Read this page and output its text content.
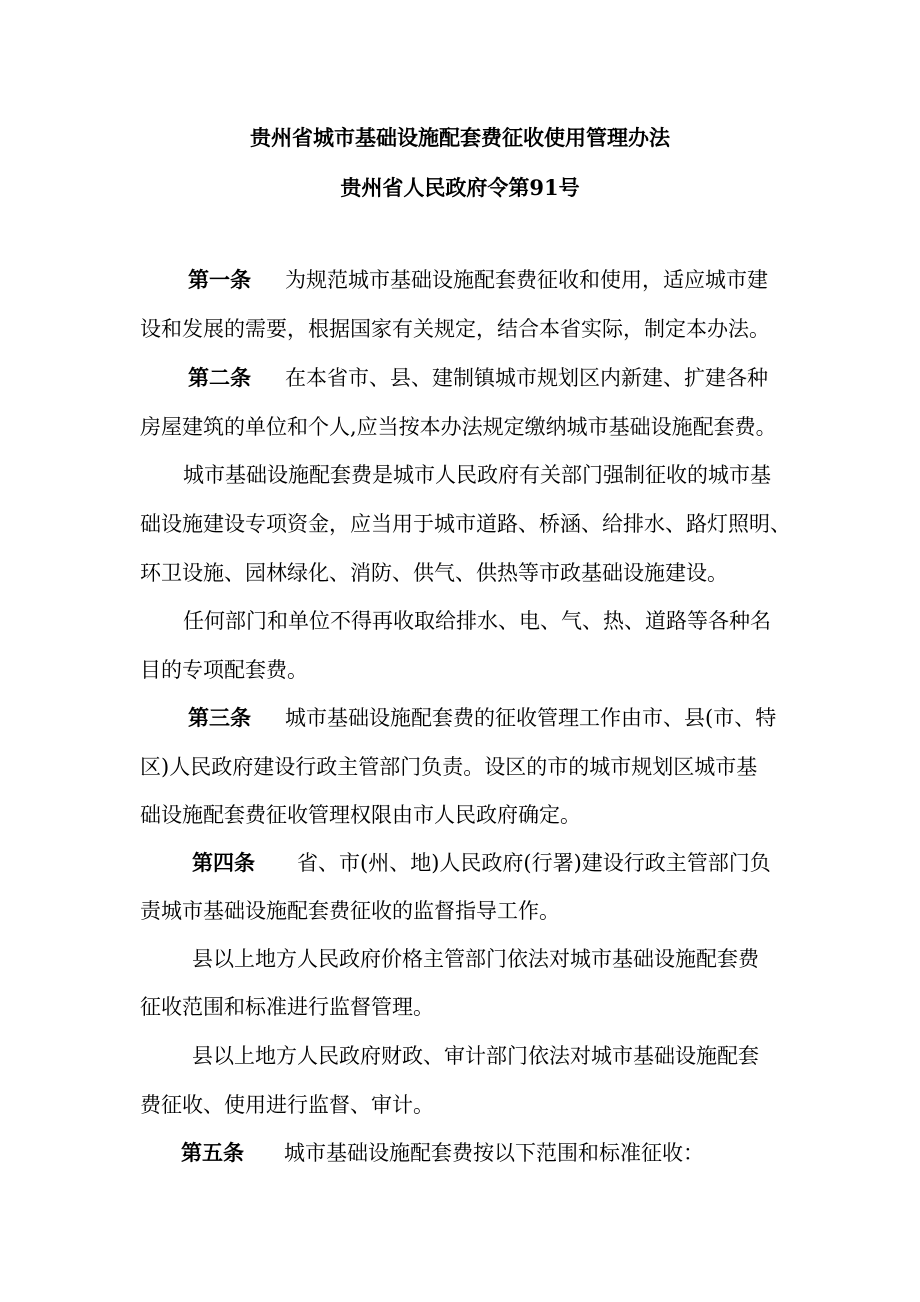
贵州省城市基础设施配套费征收使用管理办法
贵州省人民政府令第91号
第一条 为规范城市基础设施配套费征收和使用，适应城市建
设和发展的需要，根据国家有关规定，结合本省实际，制定本办法。
第二条 在本省市、县、建制镇城市规划区内新建、扩建各种
房屋建筑的单位和个人,应当按本办法规定缴纳城市基础设施配套费。
城市基础设施配套费是城市人民政府有关部门强制征收的城市基
础设施建设专项资金，应当用于城市道路、桥涵、给排水、路灯照明、
环卫设施、园林绿化、消防、供气、供热等市政基础设施建设。
任何部门和单位不得再收取给排水、电、气、热、道路等各种名
目的专项配套费。
第三条 城市基础设施配套费的征收管理工作由市、县(市、特
区)人民政府建设行政主管部门负责。设区的市的城市规划区城市基
础设施配套费征收管理权限由市人民政府确定。
第四条 省、市(州、地)人民政府(行署)建设行政主管部门负
责城市基础设施配套费征收的监督指导工作。
县以上地方人民政府价格主管部门依法对城市基础设施配套费
征收范围和标准进行监督管理。
县以上地方人民政府财政、审计部门依法对城市基础设施配套
费征收、使用进行监督、审计。
第五条 城市基础设施配套费按以下范围和标准征收：
